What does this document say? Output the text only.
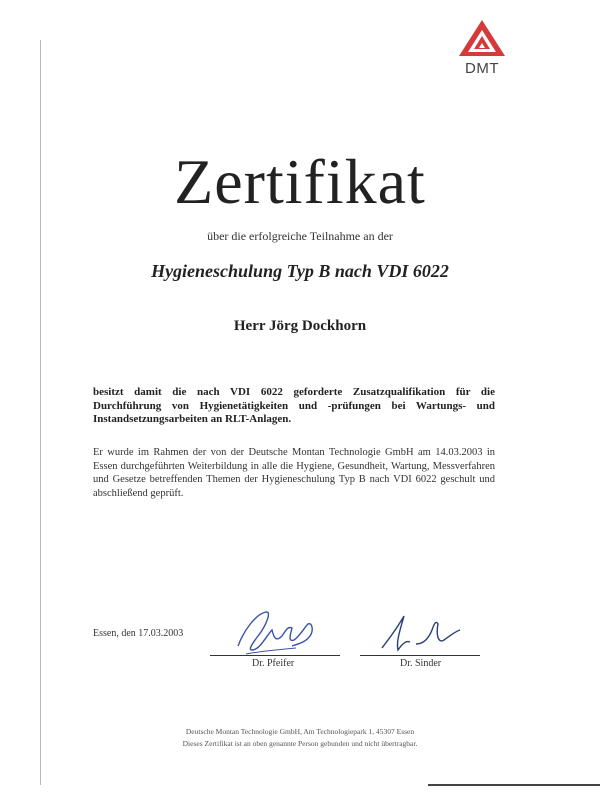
DMT
Zertifikat
über die erfolgreiche Teilnahme an der
Hygieneschulung Typ B nach VDI 6022
Herr Jörg Dockhorn
besitzt damit die nach VDI 6022 geforderte Zusatzqualifikation für die Durchführung von Hygienetätigkeiten und -prüfungen bei Wartungs- und Instandsetzungsarbeiten an RLT-Anlagen.
Er wurde im Rahmen der von der Deutsche Montan Technologie GmbH am 14.03.2003 in Essen durchgeführten Weiterbildung in alle die Hygiene, Gesundheit, Wartung, Messverfahren und Gesetze betreffenden Themen der Hygieneschulung Typ B nach VDI 6022 geschult und abschließend geprüft.
Essen, den 17.03.2003
Dr. Pfeifer	Dr. Sinder
Deutsche Montan Technologie GmbH, Am Technologiepark 1, 45307 Essen
Dieses Zertifikat ist an oben genannte Person gebunden und nicht übertragbar.
